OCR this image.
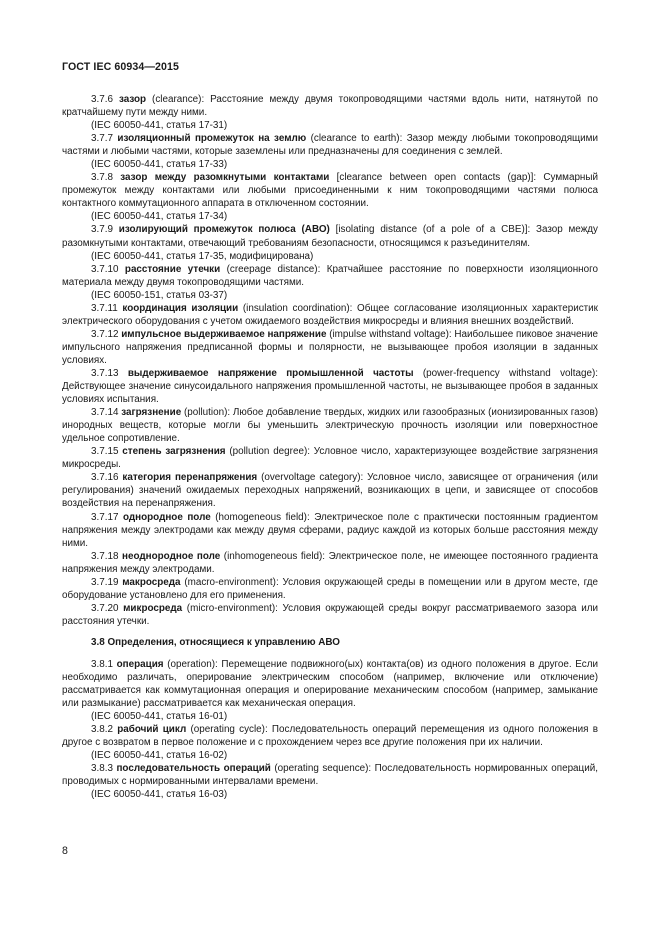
ГОСТ IEC 60934—2015

3.7.6 зазор (clearance): Расстояние между двумя токопроводящими частями вдоль нити, натянутой по кратчайшему пути между ними.

(IEC 60050-441, статья 17-31)

3.7.7 изоляционный промежуток на землю (clearance to earth): Зазор между любыми токопроводящими частями и любыми частями, которые заземлены или предназначены для соединения с землей.

(IEC 60050-441, статья 17-33)

3.7.8 зазор между разомкнутыми контактами [clearance between open contacts (gap)]: Суммарный промежуток между контактами или любыми присоединенными к ним токопроводящими частями полюса контактного коммутационного аппарата в отключенном состоянии.

(IEC 60050-441, статья 17-34)

3.7.9 изолирующий промежуток полюса (АВО) [isolating distance (of a pole of a CBE)]: Зазор между разомкнутыми контактами, отвечающий требованиям безопасности, относящимся к разъединителям.

(IEC 60050-441, статья 17-35, модифицирована)

3.7.10 расстояние утечки (creepage distance): Кратчайшее расстояние по поверхности изоляционного материала между двумя токопроводящими частями.

(IEC 60050-151, статья 03-37)

3.7.11 координация изоляции (insulation coordination): Общее согласование изоляционных характеристик электрического оборудования с учетом ожидаемого воздействия микросреды и влияния внешних воздействий.

3.7.12 импульсное выдерживаемое напряжение (impulse withstand voltage): Наибольшее пиковое значение импульсного напряжения предписанной формы и полярности, не вызывающее пробоя изоляции в заданных условиях.

3.7.13 выдерживаемое напряжение промышленной частоты (power-frequency withstand voltage): Действующее значение синусоидального напряжения промышленной частоты, не вызывающее пробоя в заданных условиях испытания.

3.7.14 загрязнение (pollution): Любое добавление твердых, жидких или газообразных (ионизированных газов) инородных веществ, которые могли бы уменьшить электрическую прочность изоляции или поверхностное удельное сопротивление.

3.7.15 степень загрязнения (pollution degree): Условное число, характеризующее воздействие загрязнения микросреды.

3.7.16 категория перенапряжения (overvoltage category): Условное число, зависящее от ограничения (или регулирования) значений ожидаемых переходных напряжений, возникающих в цепи, и зависящее от способов воздействия на перенапряжения.

3.7.17 однородное поле (homogeneous field): Электрическое поле с практически постоянным градиентом напряжения между электродами как между двумя сферами, радиус каждой из которых больше расстояния между ними.

3.7.18 неоднородное поле (inhomogeneous field): Электрическое поле, не имеющее постоянного градиента напряжения между электродами.

3.7.19 макросреда (macro-environment): Условия окружающей среды в помещении или в другом месте, где оборудование установлено для его применения.

3.7.20 микросреда (micro-environment): Условия окружающей среды вокруг рассматриваемого зазора или расстояния утечки.

3.8 Определения, относящиеся к управлению АВО

3.8.1 операция (operation): Перемещение подвижного(ых) контакта(ов) из одного положения в другое. Если необходимо различать, оперирование электрическим способом (например, включение или отключение) рассматривается как коммутационная операция и оперирование механическим способом (например, замыкание или размыкание) рассматривается как механическая операция.

(IEC 60050-441, статья 16-01)

3.8.2 рабочий цикл (operating cycle): Последовательность операций перемещения из одного положения в другое с возвратом в первое положение и с прохождением через все другие положения при их наличии.

(IEC 60050-441, статья 16-02)

3.8.3 последовательность операций (operating sequence): Последовательность нормированных операций, проводимых с нормированными интервалами времени.

(IEC 60050-441, статья 16-03)

8
